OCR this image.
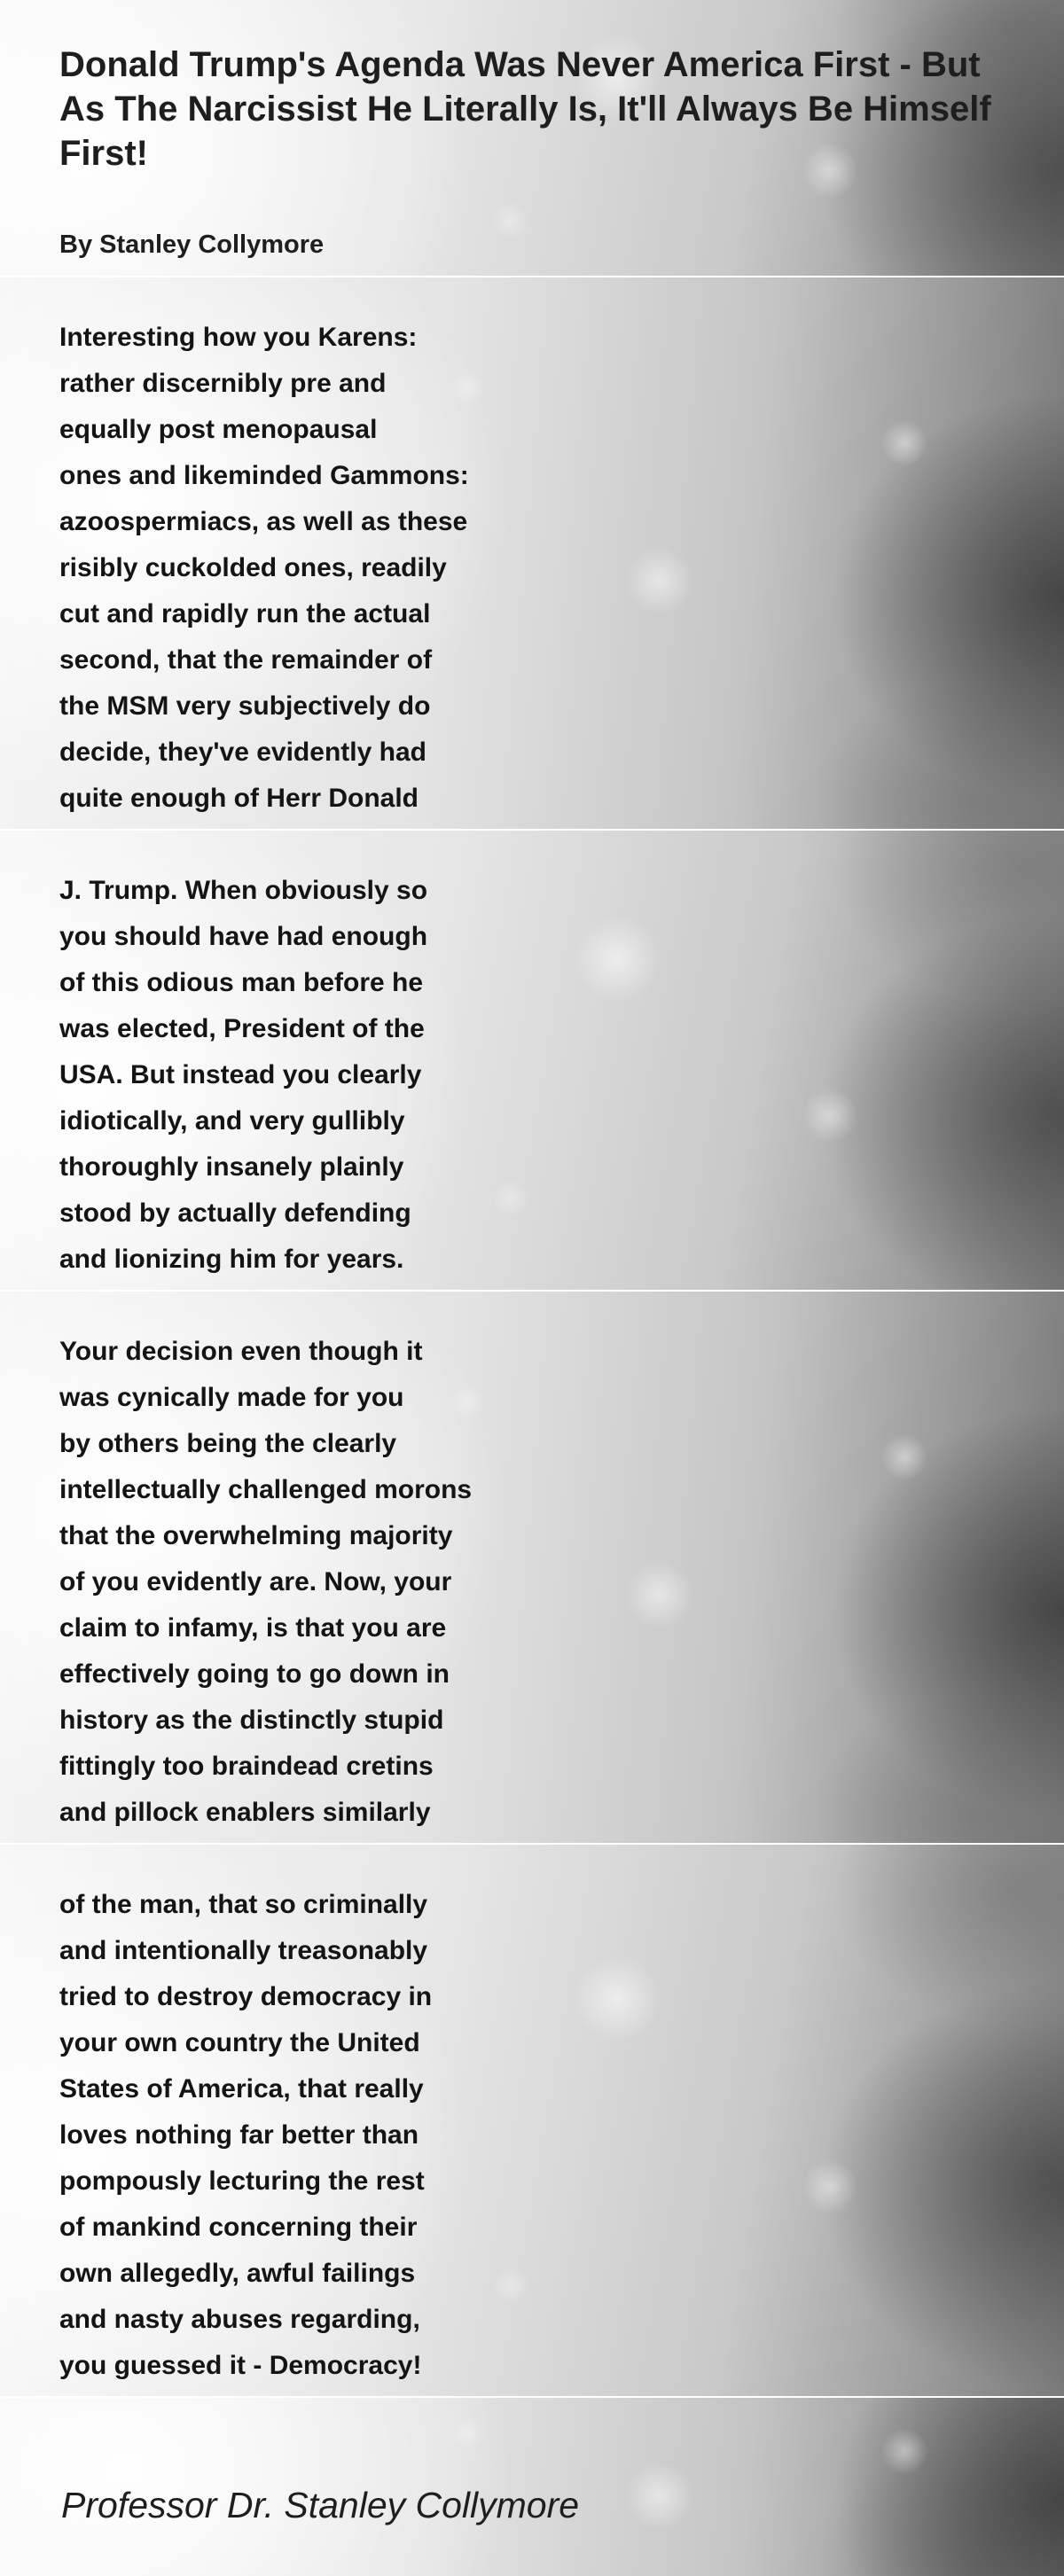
Donald Trump's Agenda Was Never America First - But As The Narcissist He Literally Is, It'll Always Be Himself First!

By Stanley Collymore

Interesting how you Karens:
rather discernibly pre and
equally post menopausal
ones and likeminded Gammons:
azoospermiacs, as well as these
risibly cuckolded ones, readily
cut and rapidly run the actual
second, that the remainder of
the MSM very subjectively do
decide, they've evidently had
quite enough of Herr Donald
J. Trump. When obviously so
you should have had enough
of this odious man before he
was elected, President of the
USA. But instead you clearly
idiotically, and very gullibly
thoroughly insanely plainly
stood by actually defending
and lionizing him for years.
Your decision even though it
was cynically made for you
by others being the clearly
intellectually challenged morons
that the overwhelming majority
of you evidently are. Now, your
claim to infamy, is that you are
effectively going to go down in
history as the distinctly stupid
fittingly too braindead cretins
and pillock enablers similarly
of the man, that so criminally
and intentionally treasonably
tried to destroy democracy in
your own country the United
States of America, that really
loves nothing far better than
pompously lecturing the rest
of mankind concerning their
own allegedly, awful failings
and nasty abuses regarding,
you guessed it - Democracy!

Professor Dr. Stanley Collymore
